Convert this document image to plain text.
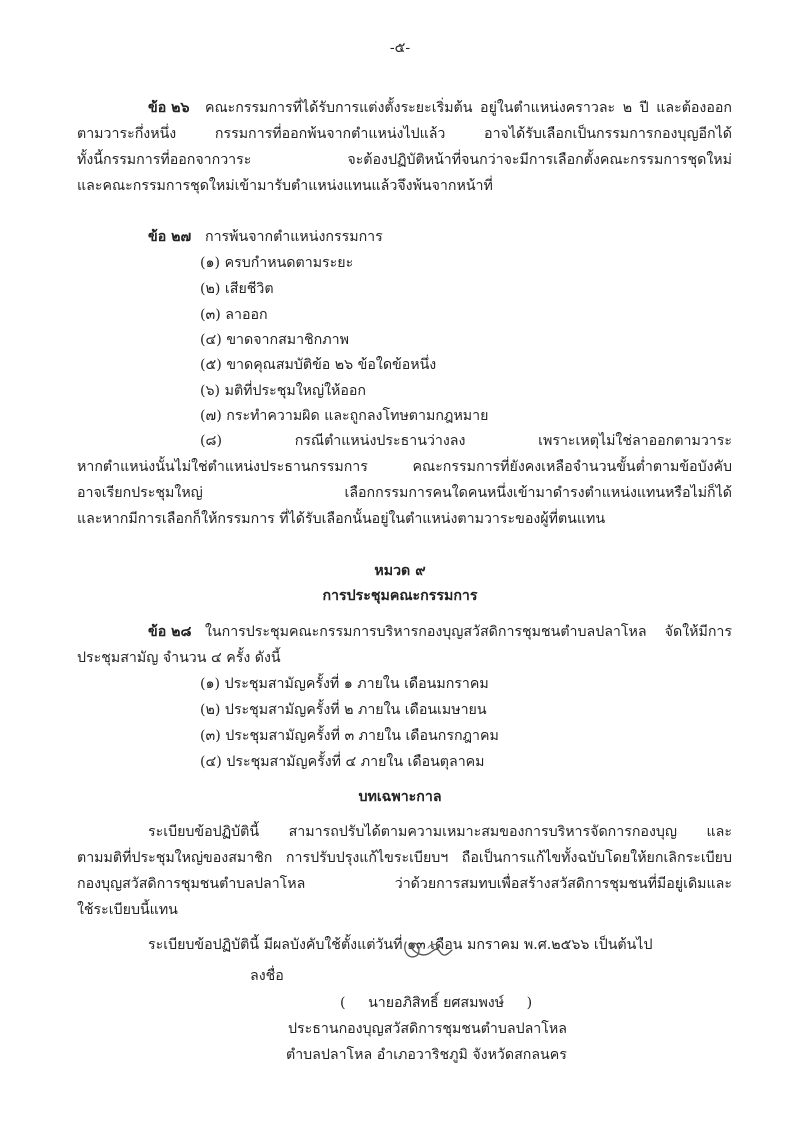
-๕-
ข้อ ๒๖ คณะกรรมการที่ได้รับการแต่งตั้งระยะเริ่มต้น อยู่ในตำแหน่งคราวละ ๒ ปี และต้องออก
ตามวาระกึ่งหนึ่ง กรรมการที่ออกพ้นจากตำแหน่งไปแล้ว อาจได้รับเลือกเป็นกรรมการกองบุญอีกได้
ทั้งนี้กรรมการที่ออกจากวาระ จะต้องปฏิบัติหน้าที่จนกว่าจะมีการเลือกตั้งคณะกรรมการชุดใหม่
และคณะกรรมการชุดใหม่เข้ามารับตำแหน่งแทนแล้วจึงพ้นจากหน้าที่
ข้อ ๒๗ การพ้นจากตำแหน่งกรรมการ
(๑) ครบกำหนดตามระยะ
(๒) เสียชีวิต
(๓) ลาออก
(๔) ขาดจากสมาชิกภาพ
(๕) ขาดคุณสมบัติข้อ ๒๖ ข้อใดข้อหนึ่ง
(๖) มติที่ประชุมใหญ่ให้ออก
(๗) กระทำความผิด และถูกลงโทษตามกฎหมาย
(๘) กรณีตำแหน่งประธานว่างลง เพราะเหตุไม่ใช่ลาออกตามวาระ
หากตำแหน่งนั้นไม่ใช่ตำแหน่งประธานกรรมการ คณะกรรมการที่ยังคงเหลือจำนวนขั้นต่ำตามข้อบังคับ
อาจเรียกประชุมใหญ่ เลือกกรรมการคนใดคนหนึ่งเข้ามาดำรงตำแหน่งแทนหรือไม่ก็ได้
และหากมีการเลือกก็ให้กรรมการ ที่ได้รับเลือกนั้นอยู่ในตำแหน่งตามวาระของผู้ที่ตนแทน
หมวด ๙
การประชุมคณะกรรมการ
ข้อ ๒๘ ในการประชุมคณะกรรมการบริหารกองบุญสวัสดิการชุมชนตำบลปลาโหล จัดให้มีการ
ประชุมสามัญ จำนวน ๔ ครั้ง ดังนี้
(๑) ประชุมสามัญครั้งที่ ๑ ภายใน เดือนมกราคม
(๒) ประชุมสามัญครั้งที่ ๒ ภายใน เดือนเมษายน
(๓) ประชุมสามัญครั้งที่ ๓ ภายใน เดือนกรกฎาคม
(๔) ประชุมสามัญครั้งที่ ๔ ภายใน เดือนตุลาคม
บทเฉพาะกาล
ระเบียบข้อปฏิบัตินี้ สามารถปรับได้ตามความเหมาะสมของการบริหารจัดการกองบุญ และ
ตามมติที่ประชุมใหญ่ของสมาชิก การปรับปรุงแก้ไขระเบียบฯ ถือเป็นการแก้ไขทั้งฉบับโดยให้ยกเลิกระเบียบ
กองบุญสวัสดิการชุมชนตำบลปลาโหล ว่าด้วยการสมทบเพื่อสร้างสวัสดิการชุมชนที่มีอยู่เดิมและ
ใช้ระเบียบนี้แทน
ระเบียบข้อปฏิบัตินี้ มีผลบังคับใช้ตั้งแต่วันที่ ๑๓ เดือน มกราคม พ.ศ.๒๕๖๖ เป็นต้นไป
ลงชื่อ
(     นายอภิสิทธิ์ ยศสมพงษ์     )
ประธานกองบุญสวัสดิการชุมชนตำบลปลาโหล
ตำบลปลาโหล อำเภอวาริชภูมิ จังหวัดสกลนคร
